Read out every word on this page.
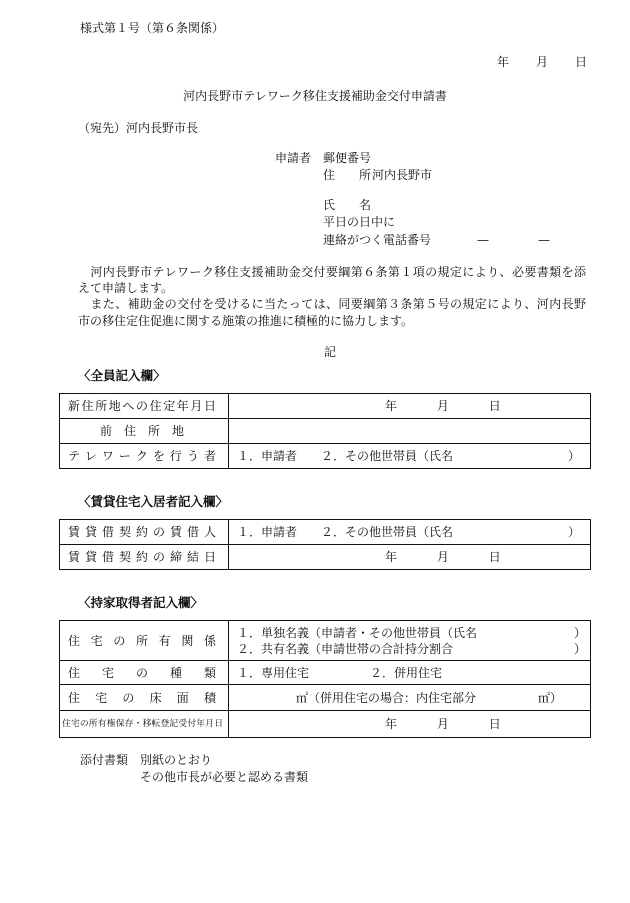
様式第１号（第６条関係）
年　　月　　日
河内長野市テレワーク移住支援補助金交付申請書
（宛先）河内長野市長
申請者 郵便番号
住　　所 河内長野市
氏　　名
平日の日中に
連絡がつく電話番号	—	—
　河内長野市テレワーク移住支援補助金交付要綱第６条第１項の規定により、必要書類を添
えて申請します。
　また、補助金の交付を受けるに当たっては、同要綱第３条第５号の規定により、河内長野
市の移住定住促進に関する施策の推進に積極的に協力します。
記
〈全員記入欄〉
新住所地への住定年月日	年　　月　　日

前　住　所　地	

テレワークを行う者	１．申請者　　２．その他世帯員（氏名 ）
〈賃貸住宅入居者記入欄〉
賃貸借契約の賃借人	１．申請者　　２．その他世帯員（氏名 ）

賃貸借契約の締結日	年　　月　　日
〈持家取得者記入欄〉
住宅の所有関係	１．単独名義（申請者・その他世帯員（氏名 ）
２．共有名義（申請世帯の合計持分割合 ）

住宅の種類	１．専用住宅 ２．併用住宅

住宅の床面積	㎡（併用住宅の場合：内住宅部分 ㎡）

住宅の所有権保存・移転登記受付年月日	年　　月　　日
添付書類 別紙のとおり
その他市長が必要と認める書類
